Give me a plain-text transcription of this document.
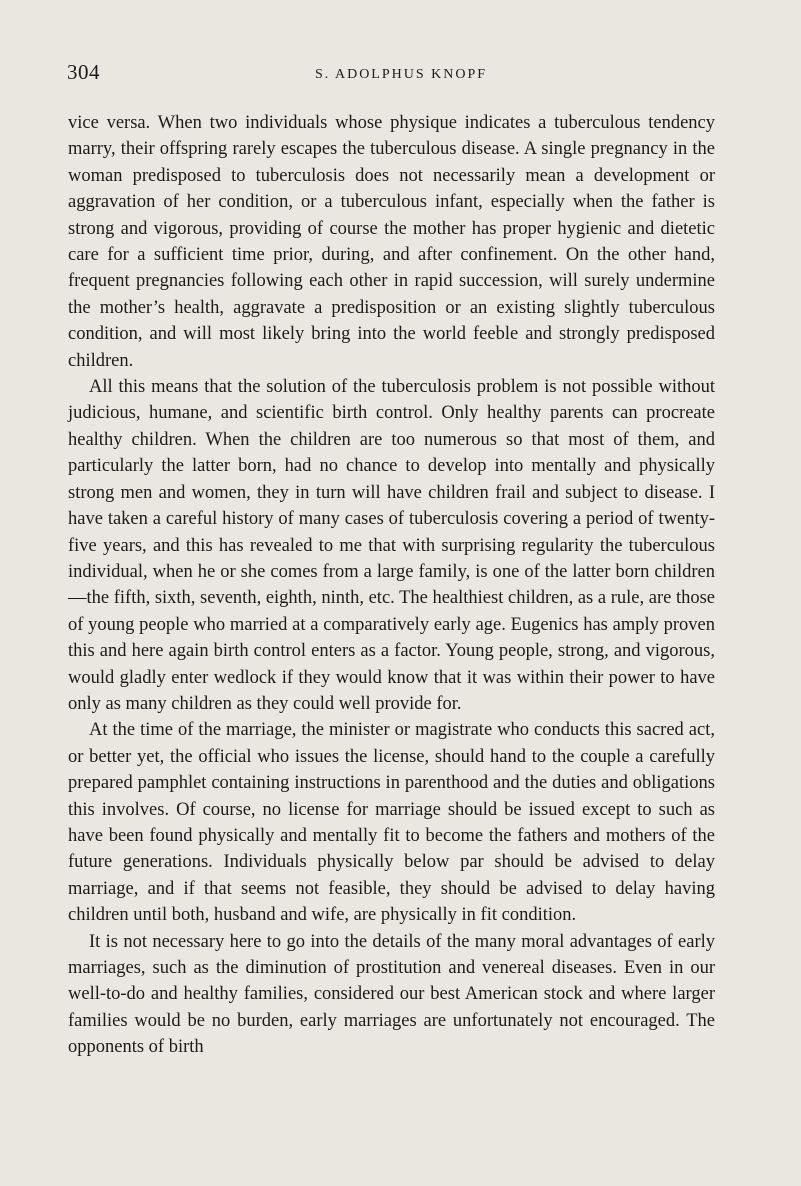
304	S. ADOLPHUS KNOPF

vice versa. When two individuals whose physique indicates a tuberculous tendency marry, their offspring rarely escapes the tuberculous disease. A single pregnancy in the woman predisposed to tuberculosis does not necessarily mean a development or aggravation of her condition, or a tuberculous infant, especially when the father is strong and vigorous, providing of course the mother has proper hygienic and dietetic care for a sufficient time prior, during, and after confinement. On the other hand, frequent pregnancies following each other in rapid succession, will surely undermine the mother’s health, aggravate a predisposition or an existing slightly tuberculous condition, and will most likely bring into the world feeble and strongly predisposed children.

All this means that the solution of the tuberculosis problem is not possible without judicious, humane, and scientific birth control. Only healthy parents can procreate healthy children. When the children are too numerous so that most of them, and particularly the latter born, had no chance to develop into mentally and physically strong men and women, they in turn will have children frail and subject to disease. I have taken a careful history of many cases of tuberculosis covering a period of twenty-five years, and this has revealed to me that with surprising regularity the tuberculous individual, when he or she comes from a large family, is one of the latter born children—the fifth, sixth, seventh, eighth, ninth, etc. The healthiest children, as a rule, are those of young people who married at a comparatively early age. Eugenics has amply proven this and here again birth control enters as a factor. Young people, strong, and vigorous, would gladly enter wedlock if they would know that it was within their power to have only as many children as they could well provide for.

At the time of the marriage, the minister or magistrate who conducts this sacred act, or better yet, the official who issues the license, should hand to the couple a carefully prepared pamphlet containing instructions in parenthood and the duties and obligations this involves. Of course, no license for marriage should be issued except to such as have been found physically and mentally fit to become the fathers and mothers of the future generations. Individuals physically below par should be advised to delay marriage, and if that seems not feasible, they should be advised to delay having children until both, husband and wife, are physically in fit condition.

It is not necessary here to go into the details of the many moral advantages of early marriages, such as the diminution of prostitution and venereal diseases. Even in our well-to-do and healthy families, considered our best American stock and where larger families would be no burden, early marriages are unfortunately not encouraged. The opponents of birth
